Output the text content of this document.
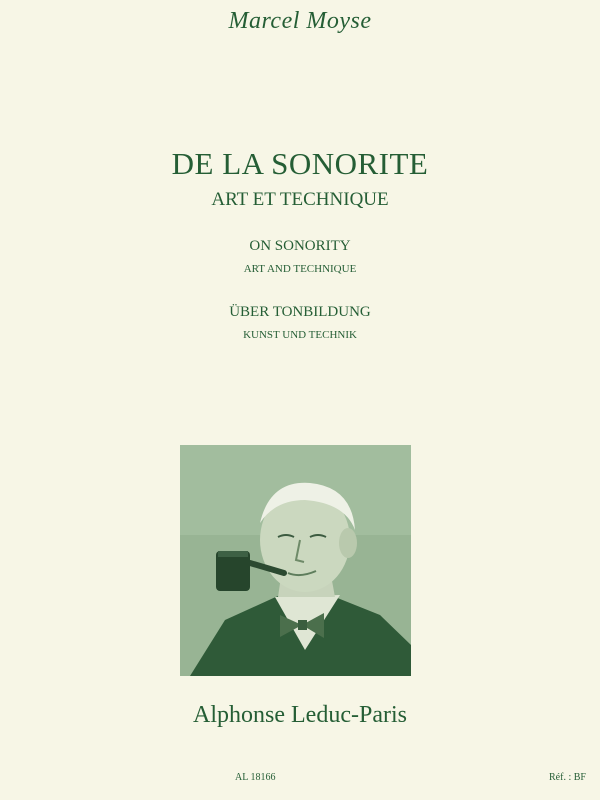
Marcel Moyse
DE LA SONORITE
ART ET TECHNIQUE
ON SONORITY
ART AND TECHNIQUE
ÜBER TONBILDUNG
KUNST UND TECHNIK
Alphonse Leduc-Paris
AL 18166	Réf. : BF
